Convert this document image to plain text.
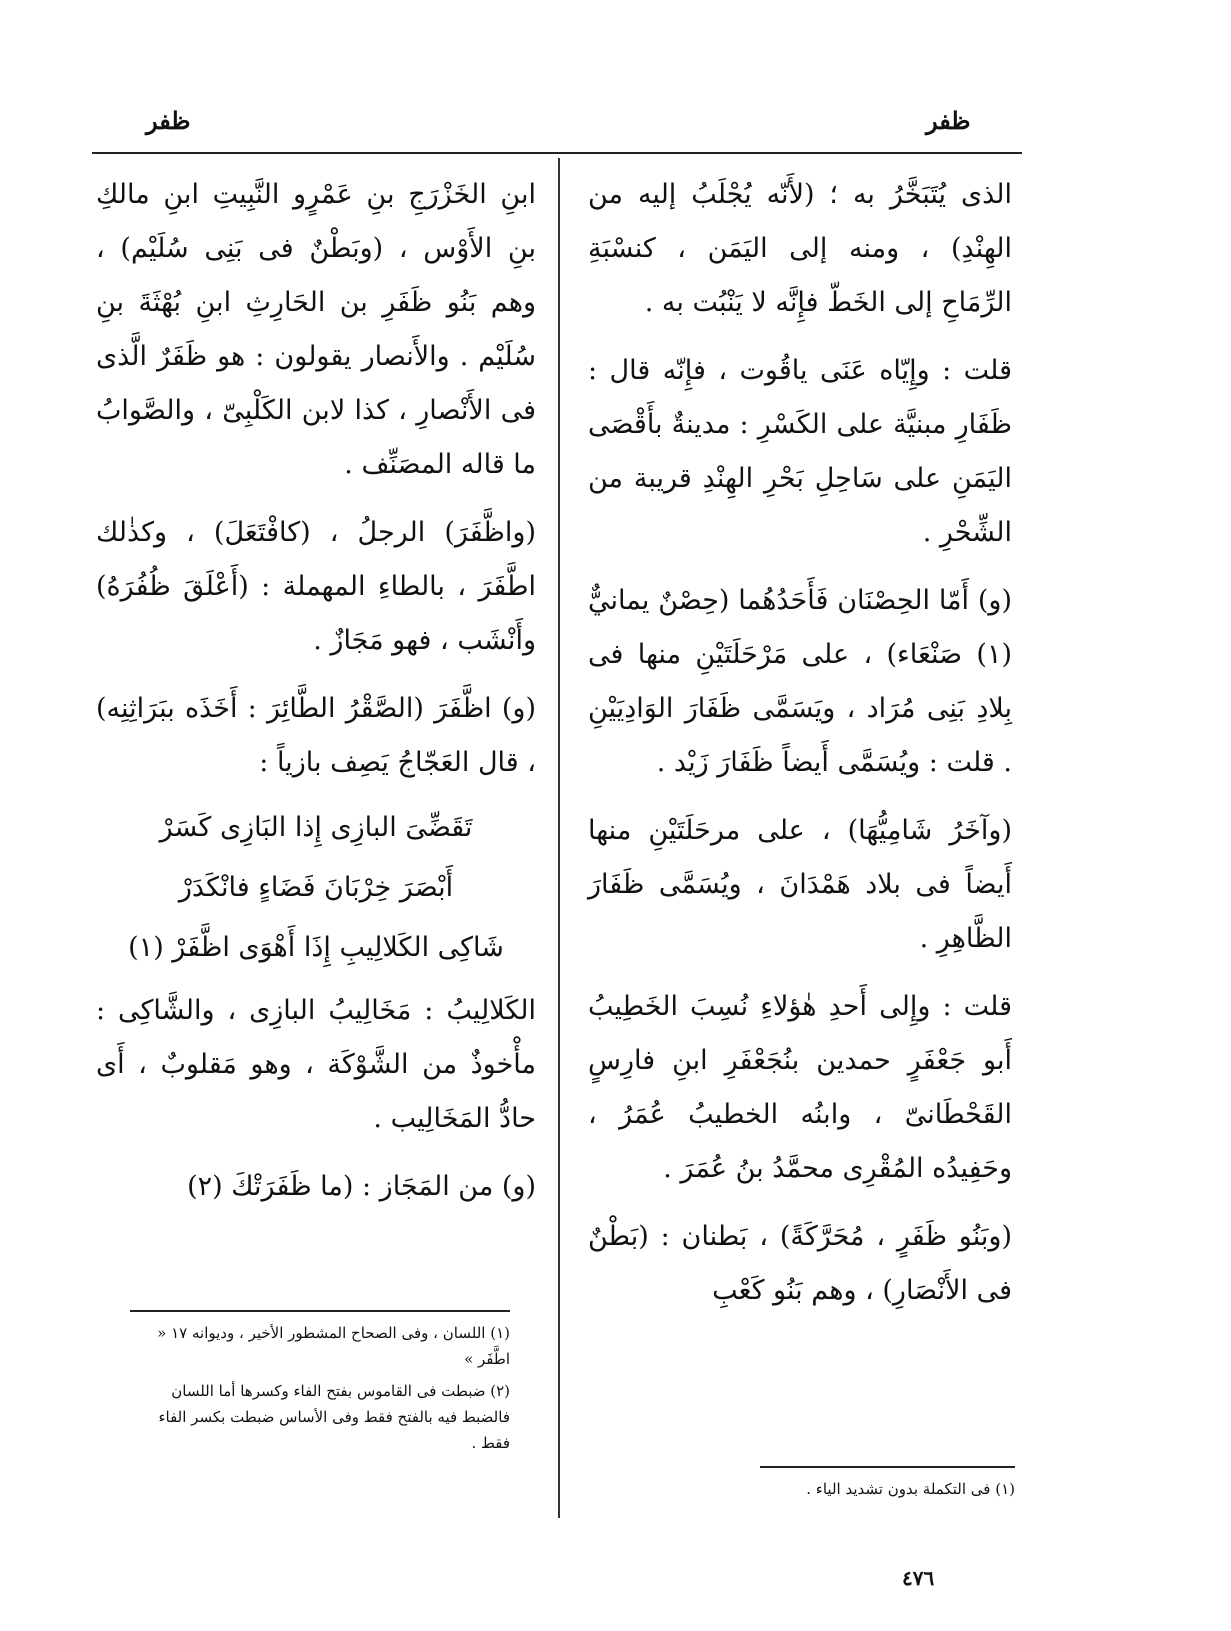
ظفر
ظفر

الذى يُتَبَخَّرُ به ؛ (لأَنّه يُجْلَبُ إليه من الهِنْدِ) ، ومنه إلى اليَمَن ، كنسْبَةِ الرِّمَاحِ إلى الخَطّ فإِنَّه لا يَنْبُت به .

قلت : وإِيّاه عَنَى ياقُوت ، فإِنّه قال : ظَفَارِ مبنيَّة على الكَسْرِ : مدينةٌ بأَقْصَى اليَمَنِ على سَاحِلِ بَحْرِ الهِنْدِ قريبة من الشِّحْرِ .

(و) أَمّا الحِصْنَان فَأَحَدُهُما (حِصْنٌ يمانيٌّ (١) صَنْعَاء) ، على مَرْحَلَتَيْنِ منها فى بِلادِ بَنِى مُرَاد ، ويَسَمَّى ظَفَارَ الوَادِيَيْنِ . قلت : ويُسَمَّى أَيضاً ظَفَارَ زَيْد .

(وآخَرُ شَامِيُّهَا) ، على مرحَلَتَيْنِ منها أَيضاً فى بلاد هَمْدَانَ ، ويُسَمَّى ظَفَارَ الظَّاهِرِ .

قلت : وإِلى أَحدِ هٰؤلاءِ نُسِبَ الخَطِيبُ أَبو جَعْفَرٍ حمدين بنُجَعْفَرِ ابنِ فارِسٍ القَحْطَانىّ ، وابنُه الخطيبُ عُمَرُ ، وحَفِيدُه المُقْرِى محمَّدُ بنُ عُمَرَ .

(وبَنُو ظَفَرٍ ، مُحَرَّكَةً) ، بَطنان : (بَطْنٌ فى الأَنْصَارِ) ، وهم بَنُو كَعْبِ

ابنِ الخَزْرَجِ بنِ عَمْرٍو النَّبِيتِ ابنِ مالكِ بنِ الأَوْس ، (وبَطْنٌ فى بَنِى سُلَيْم) ، وهم بَنُو ظَفَرِ بن الحَارِثِ ابنِ بُهْثَةَ بنِ سُلَيْم . والأَنصار يقولون : هو ظَفَرٌ الَّذى فى الأَنْصارِ ، كذا لابن الكَلْبِىّ ، والصَّوابُ ما قاله المصَنِّف .

(واظَّفَرَ) الرجلُ ، (كافْتَعَلَ) ، وكذٰلك اطَّفَرَ ، بالطاءِ المهملة : (أَعْلَقَ ظُفُرَهُ) وأَنْشَب ، فهو مَجَازٌ .

(و) اظَّفَرَ (الصَّقْرُ الطَّائِرَ : أَخَذَه ببَرَاثِنِه) ، قال العَجّاجُ يَصِف بازياً :

تَقَضِّىَ البازِى إِذا البَازِى كَسَرْ
أَبْصَرَ خِرْبَانَ فَضَاءٍ فانْكَدَرْ
شَاكِى الكَلالِيبِ إِذَا أَهْوَى اظَّفَرْ (١)

الكَلالِيبُ : مَخَالِيبُ البازِى ، والشَّاكِى : مأْخوذٌ من الشَّوْكَة ، وهو مَقلوبٌ ، أَى حادُّ المَخَالِيب .

(و) من المَجَاز : (ما ظَفَرَتْكَ (٢)

(١) فى التكملة بدون تشديد الياء .

(١) اللسان ، وفى الصحاح المشطور الأخير ، وديوانه ١٧ « اطَّفَر »

(٢) ضبطت فى القاموس بفتح الفاء وكسرها أما اللسان فالضبط فيه بالفتح فقط وفى الأساس ضبطت بكسر الفاء فقط .

٤٧٦
